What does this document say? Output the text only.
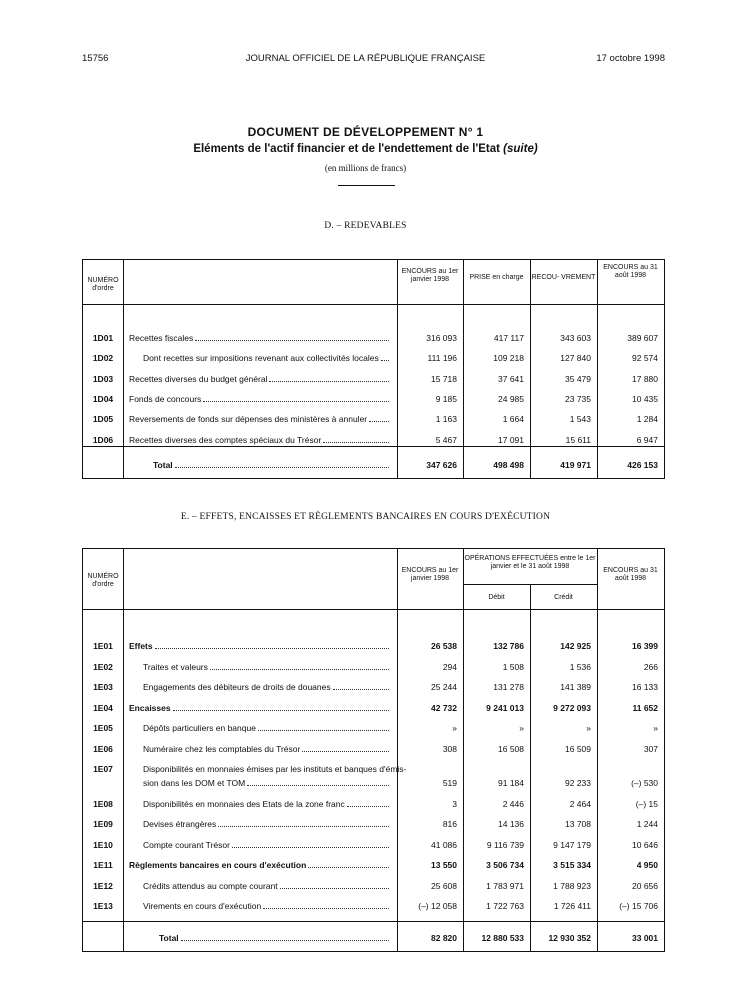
15756	JOURNAL OFFICIEL DE LA RÉPUBLIQUE FRANÇAISE	17 octobre 1998
DOCUMENT DE DÉVELOPPEMENT N° 1
Eléments de l'actif financier et de l'endettement de l'Etat (suite)
(en millions de francs)
D. – REDEVABLES
NUMÉRO d'ordre
ENCOURS au 1er janvier 1998	PRISE en charge	RECOU- VREMENT
ENCOURS au 31 août 1998
1D01	Recettes fiscales	316 093	417 117	343 603	389 607
1D02	Dont recettes sur impositions revenant aux collectivités locales	111 196	109 218	127 840	92 574
1D03	Recettes diverses du budget général	15 718	37 641	35 479	17 880
1D04	Fonds de concours	9 185	24 985	23 735	10 435
1D05	Reversements de fonds sur dépenses des ministères à annuler	1 163	1 664	1 543	1 284
1D06	Recettes diverses des comptes spéciaux du Trésor	5 467	17 091	15 611	6 947
Total	347 626	498 498	419 971	426 153
E. – EFFETS, ENCAISSES ET RÈGLEMENTS BANCAIRES EN COURS D'EXÉCUTION
NUMÉRO d'ordre
ENCOURS au 1er janvier 1998
OPÉRATIONS EFFECTUÉES entre le 1er janvier et le 31 août 1998
Débit	Crédit
ENCOURS au 31 août 1998
1E01	Effets	26 538	132 786	142 925	16 399
1E02	Traites et valeurs	294	1 508	1 536	266
1E03	Engagements des débiteurs de droits de douanes	25 244	131 278	141 389	16 133
1E04	Encaisses	42 732	9 241 013	9 272 093	11 652
1E05	Dépôts particuliers en banque	»	»	»	»
1E06	Numéraire chez les comptables du Trésor	308	16 508	16 509	307
1E07	Disponibilités en monnaies émises par les instituts et banques d'émis-
sion dans les DOM et TOM	519	91 184	92 233	(–) 530
1E08	Disponibilités en monnaies des Etats de la zone franc	3	2 446	2 464	(–) 15
1E09	Devises étrangères	816	14 136	13 708	1 244
1E10	Compte courant Trésor	41 086	9 116 739	9 147 179	10 646
1E11	Règlements bancaires en cours d'exécution	13 550	3 506 734	3 515 334	4 950
1E12	Crédits attendus au compte courant	25 608	1 783 971	1 788 923	20 656
1E13	Virements en cours d'exécution	(–) 12 058	1 722 763	1 726 411	(–) 15 706
Total	82 820	12 880 533	12 930 352	33 001
